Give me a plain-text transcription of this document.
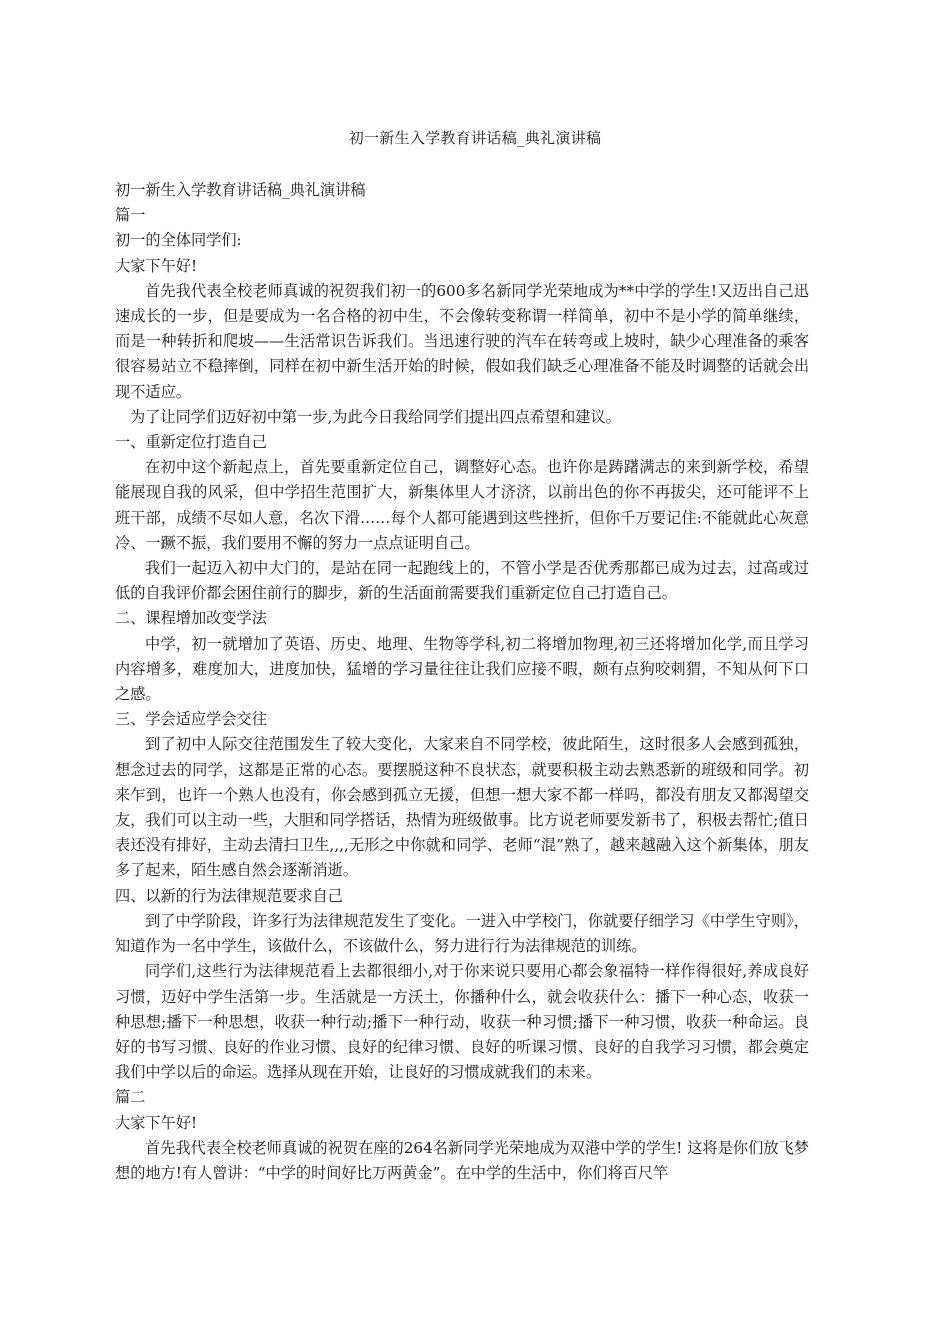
初一新生入学教育讲话稿_典礼演讲稿

初一新生入学教育讲话稿_典礼演讲稿

篇一

初一的全体同学们:

大家下午好!

首先我代表全校老师真诚的祝贺我们初一的600多名新同学光荣地成为**中学的学生!又迈出自己迅速成长的一步，但是要成为一名合格的初中生，不会像转变称谓一样简单，初中不是小学的简单继续，而是一种转折和爬坡——生活常识告诉我们。当迅速行驶的汽车在转弯或上坡时，缺少心理准备的乘客很容易站立不稳摔倒，同样在初中新生活开始的时候，假如我们缺乏心理准备不能及时调整的话就会出现不适应。

为了让同学们迈好初中第一步,为此今日我给同学们提出四点希望和建议。

一、重新定位打造自己

在初中这个新起点上，首先要重新定位自己，调整好心态。也许你是踌躇满志的来到新学校，希望能展现自我的风采，但中学招生范围扩大，新集体里人才济济，以前出色的你不再拔尖，还可能评不上班干部，成绩不尽如人意，名次下滑……每个人都可能遇到这些挫折，但你千万要记住:不能就此心灰意冷、一蹶不振，我们要用不懈的努力一点点证明自己。

我们一起迈入初中大门的，是站在同一起跑线上的，不管小学是否优秀那都已成为过去，过高或过低的自我评价都会困住前行的脚步，新的生活面前需要我们重新定位自己打造自己。

二、课程增加改变学法

中学，初一就增加了英语、历史、地理、生物等学科,初二将增加物理,初三还将增加化学,而且学习内容增多，难度加大，进度加快，猛增的学习量往往让我们应接不暇，颇有点狗咬刺猬，不知从何下口之感。

三、学会适应学会交往

到了初中人际交往范围发生了较大变化，大家来自不同学校，彼此陌生，这时很多人会感到孤独，想念过去的同学，这都是正常的心态。要摆脱这种不良状态，就要积极主动去熟悉新的班级和同学。初来乍到，也许一个熟人也没有，你会感到孤立无援，但想一想大家不都一样吗，都没有朋友又都渴望交友，我们可以主动一些，大胆和同学搭话，热情为班级做事。比方说老师要发新书了，积极去帮忙;值日表还没有排好，主动去清扫卫生,,,,无形之中你就和同学、老师“混”熟了，越来越融入这个新集体，朋友多了起来，陌生感自然会逐渐消逝。

四、以新的行为法律规范要求自己

到了中学阶段，许多行为法律规范发生了变化。一进入中学校门，你就要仔细学习《中学生守则》，知道作为一名中学生，该做什么，不该做什么，努力进行行为法律规范的训练。

同学们,这些行为法律规范看上去都很细小,对于你来说只要用心都会象福特一样作得很好,养成良好习惯，迈好中学生活第一步。生活就是一方沃土，你播种什么，就会收获什么：播下一种心态，收获一种思想;播下一种思想，收获一种行动;播下一种行动，收获一种习惯;播下一种习惯，收获一种命运。良好的书写习惯、良好的作业习惯、良好的纪律习惯、良好的听课习惯、良好的自我学习习惯，都会奠定我们中学以后的命运。选择从现在开始，让良好的习惯成就我们的未来。

篇二

大家下午好!

首先我代表全校老师真诚的祝贺在座的264名新同学光荣地成为双港中学的学生! 这将是你们放飞梦想的地方!有人曾讲：“中学的时间好比万两黄金”。在中学的生活中，你们将百尺竿
